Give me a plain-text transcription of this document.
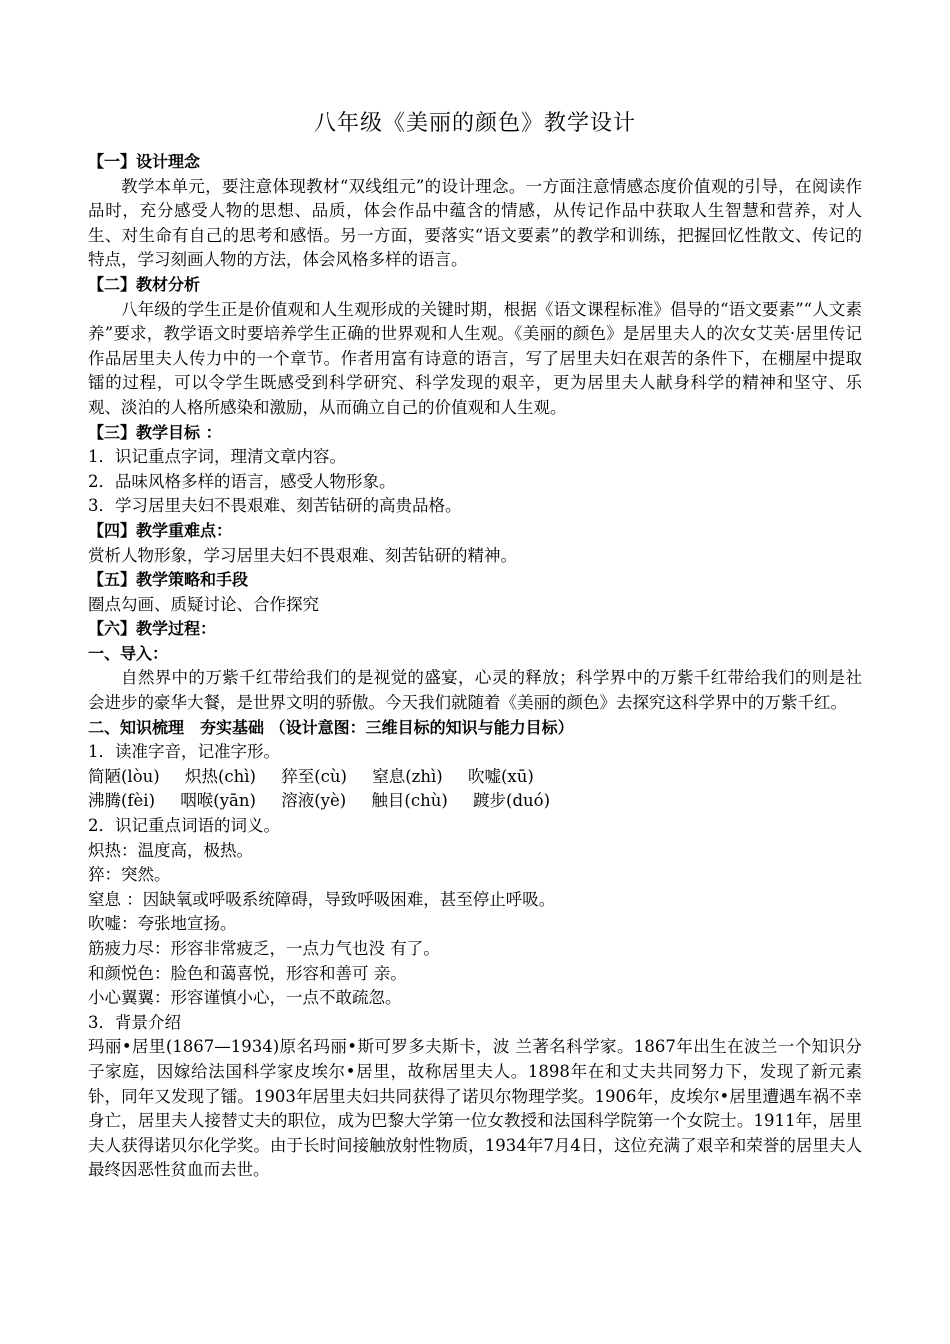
八年级《美丽的颜色》教学设计
【一】设计理念

教学本单元，要注意体现教材“双线组元”的设计理念。一方面注意情感态度价值观的引导，在阅读作品时，充分感受人物的思想、品质，体会作品中蕴含的情感，从传记作品中获取人生智慧和营养，对人生、对生命有自己的思考和感悟。另一方面，要落实“语文要素”的教学和训练，把握回忆性散文、传记的特点，学习刻画人物的方法，体会风格多样的语言。

【二】教材分析

八年级的学生正是价值观和人生观形成的关键时期，根据《语文课程标准》倡导的“语文要素”“人文素养”要求，教学语文时要培养学生正确的世界观和人生观。《美丽的颜色》是居里夫人的次女艾芙·居里传记作品居里夫人传力中的一个章节。作者用富有诗意的语言，写了居里夫妇在艰苦的条件下，在棚屋中提取镭的过程，可以令学生既感受到科学研究、科学发现的艰辛，更为居里夫人献身科学的精神和坚守、乐观、淡泊的人格所感染和激励，从而确立自己的价值观和人生观。

【三】教学目标 ：
1．识记重点字词，理清文章内容。
2．品味风格多样的语言，感受人物形象。
3．学习居里夫妇不畏艰难、刻苦钻研的高贵品格。
【四】教学重难点：
赏析人物形象，学习居里夫妇不畏艰难、刻苦钻研的精神。
【五】教学策略和手段
圈点勾画、质疑讨论、合作探究
【六】教学过程：
一、导入：

自然界中的万紫千红带给我们的是视觉的盛宴，心灵的释放；科学界中的万紫千红带给我们的则是社会进步的豪华大餐，是世界文明的骄傲。今天我们就随着《美丽的颜色》去探究这科学界中的万紫千红。

二、知识梳理　夯实基础 （设计意图：三维目标的知识与能力目标）
1．读准字音，记准字形。
简陋(lòu) 炽热(chì) 猝至(cù) 窒息(zhì) 吹嘘(xū)
沸腾(fèi) 咽喉(yān) 溶液(yè) 触目(chù) 踱步(duó)
2．识记重点词语的词义。
炽热：温度高，极热。
猝：突然。
窒息 ：因缺氧或呼吸系统障碍，导致呼吸困难，甚至停止呼吸。
吹嘘：夸张地宣扬。
筋疲力尽：形容非常疲乏，一点力气也没 有了。
和颜悦色：脸色和蔼喜悦，形容和善可 亲。
小心翼翼：形容谨慎小心，一点不敢疏忽。
3．背景介绍

玛丽•居里(1867—1934)原名玛丽•斯可罗多夫斯卡，波 兰著名科学家。1867年出生在波兰一个知识分子家庭，因嫁给法国科学家皮埃尔•居里，故称居里夫人。1898年在和丈夫共同努力下，发现了新元素钋，同年又发现了镭。1903年居里夫妇共同获得了诺贝尔物理学奖。1906年，皮埃尔•居里遭遇车祸不幸身亡，居里夫人接替丈夫的职位，成为巴黎大学第一位女教授和法国科学院第一个女院士。1911年，居里夫人获得诺贝尔化学奖。由于长时间接触放射性物质，1934年7月4日，这位充满了艰辛和荣誉的居里夫人最终因恶性贫血而去世。
